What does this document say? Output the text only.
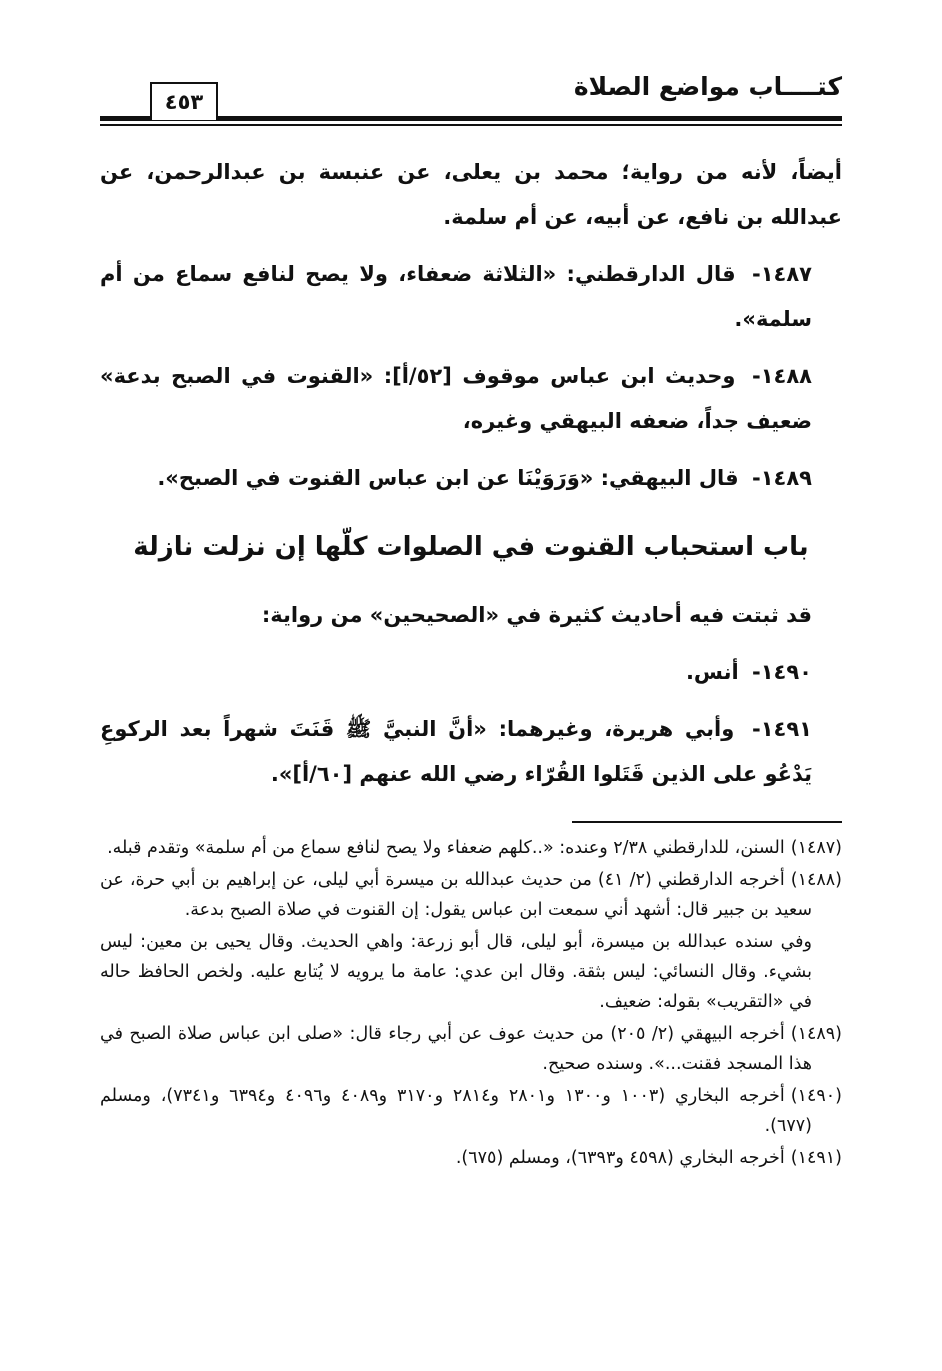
كتــــاب مواضع الصلاة
٤٥٣

أيضاً، لأنه من رواية؛ محمد بن يعلى، عن عنبسة بن عبدالرحمن، عن عبدالله بن نافع، عن أبيه، عن أم سلمة.

١٤٨٧- قال الدارقطني: «الثلاثة ضعفاء، ولا يصح لنافع سماع من أم سلمة».

١٤٨٨- وحديث ابن عباس موقوف [٥٢/أ]: «القنوت في الصبح بدعة» ضعيف جداً، ضعفه البيهقي وغيره،

١٤٨٩- قال البيهقي: «وَرَوَيْنَا عن ابن عباس القنوت في الصبح».

باب استحباب القنوت في الصلوات كلّها إن نزلت نازلة

قد ثبتت فيه أحاديث كثيرة في «الصحيحين» من رواية:

١٤٩٠- أنس.

١٤٩١- وأبي هريرة، وغيرهما: «أنَّ النبيَّ ﷺ قَنَتَ شهراً بعد الركوعِ يَدْعُو على الذين قَتَلوا القُرّاء رضي الله عنهم [٦٠/أ]».

(١٤٨٧)السنن، للدارقطني ٢/٣٨ وعنده: «..كلهم ضعفاء ولا يصح لنافع سماع من أم سلمة» وتقدم قبله.

(١٤٨٨)أخرجه الدارقطني (٢/ ٤١) من حديث عبدالله بن ميسرة أبي ليلى، عن إبراهيم بن أبي حرة، عن سعيد بن جبير قال: أشهد أني سمعت ابن عباس يقول: إن القنوت في صلاة الصبح بدعة.

وفي سنده عبدالله بن ميسرة، أبو ليلى، قال أبو زرعة: واهي الحديث. وقال يحيى بن معين: ليس بشيء. وقال النسائي: ليس بثقة. وقال ابن عدي: عامة ما يرويه لا يُتابع عليه. ولخص الحافظ حاله في «التقريب» بقوله: ضعيف.

(١٤٨٩)أخرجه البيهقي (٢/ ٢٠٥) من حديث عوف عن أبي رجاء قال: «صلى ابن عباس صلاة الصبح في هذا المسجد فقنت...». وسنده صحيح.

(١٤٩٠)أخرجه البخاري (١٠٠٣ و١٣٠٠ و٢٨٠١ و٢٨١٤ و٣١٧٠ و٤٠٨٩ و٤٠٩٦ و٦٣٩٤ و٧٣٤١)، ومسلم (٦٧٧).

(١٤٩١)أخرجه البخاري (٤٥٩٨ و٦٣٩٣)، ومسلم (٦٧٥).
